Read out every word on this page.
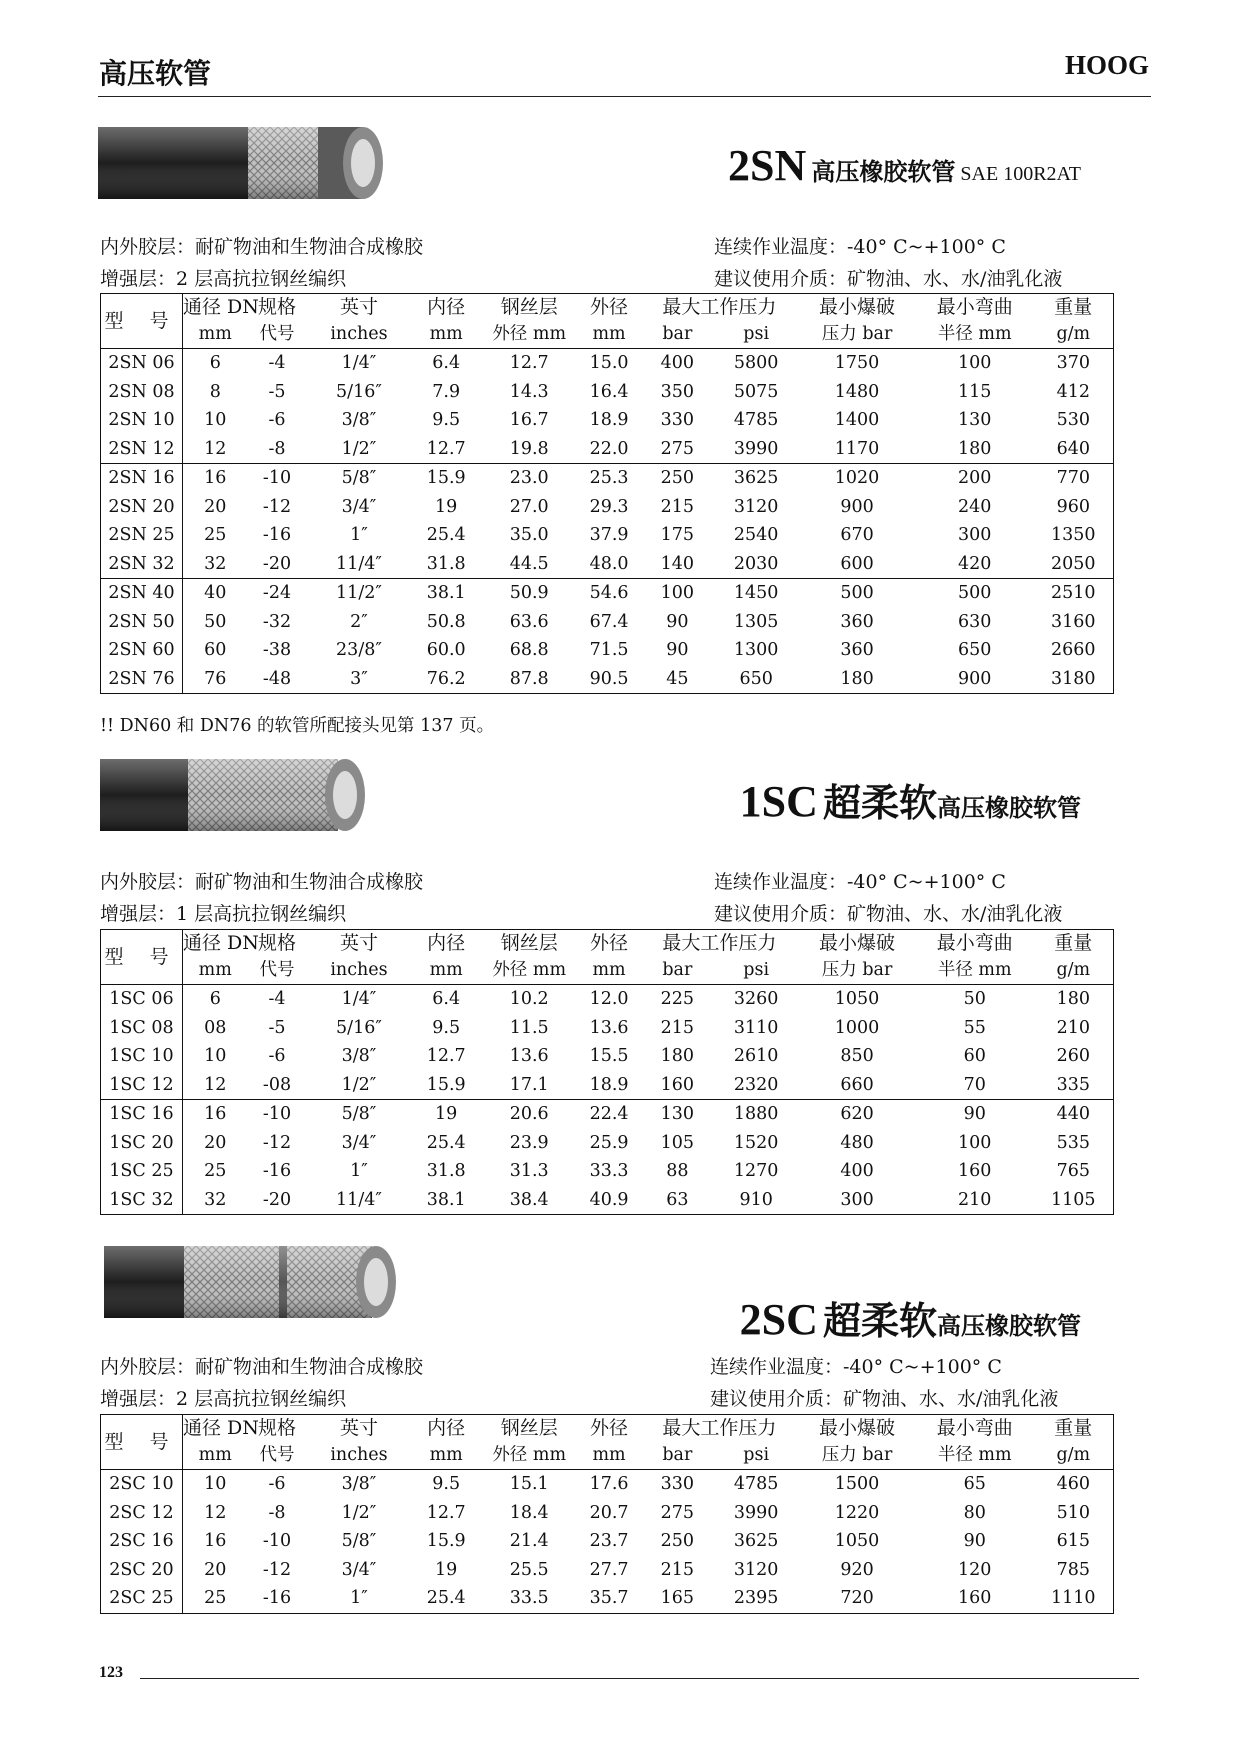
高压软管	HOOG
2SN 高压橡胶软管 SAE 100R2AT
内外胶层：耐矿物油和生物油合成橡胶
增强层：2 层高抗拉钢丝编织
连续作业温度：-40° C~+100° C
建议使用介质：矿物油、水、水/油乳化液
型 号	通径 DN	规格	英寸	内径	钢丝层	外径	最大工作压力		最小爆破	最小弯曲	重量
	mm	代号	inches	mm	外径 mm	mm	bar	psi	压力 bar	半径 mm	g/m
2SN 06	6	-4	1/4″	6.4	12.7	15.0	400	5800	1750	100	370
2SN 08	8	-5	5/16″	7.9	14.3	16.4	350	5075	1480	115	412
2SN 10	10	-6	3/8″	9.5	16.7	18.9	330	4785	1400	130	530
2SN 12	12	-8	1/2″	12.7	19.8	22.0	275	3990	1170	180	640
2SN 16	16	-10	5/8″	15.9	23.0	25.3	250	3625	1020	200	770
2SN 20	20	-12	3/4″	19	27.0	29.3	215	3120	900	240	960
2SN 25	25	-16	1″	25.4	35.0	37.9	175	2540	670	300	1350
2SN 32	32	-20	11/4″	31.8	44.5	48.0	140	2030	600	420	2050
2SN 40	40	-24	11/2″	38.1	50.9	54.6	100	1450	500	500	2510
2SN 50	50	-32	2″	50.8	63.6	67.4	90	1305	360	630	3160
2SN 60	60	-38	23/8″	60.0	68.8	71.5	90	1300	360	650	2660
2SN 76	76	-48	3″	76.2	87.8	90.5	45	650	180	900	3180
!! DN60 和 DN76 的软管所配接头见第 137 页。
1SC 超柔软高压橡胶软管
内外胶层：耐矿物油和生物油合成橡胶
增强层：1 层高抗拉钢丝编织
连续作业温度：-40° C~+100° C
建议使用介质：矿物油、水、水/油乳化液
型 号	通径 DN	规格	英寸	内径	钢丝层	外径	最大工作压力		最小爆破	最小弯曲	重量
	mm	代号	inches	mm	外径 mm	mm	bar	psi	压力 bar	半径 mm	g/m
1SC 06	6	-4	1/4″	6.4	10.2	12.0	225	3260	1050	50	180
1SC 08	08	-5	5/16″	9.5	11.5	13.6	215	3110	1000	55	210
1SC 10	10	-6	3/8″	12.7	13.6	15.5	180	2610	850	60	260
1SC 12	12	-08	1/2″	15.9	17.1	18.9	160	2320	660	70	335
1SC 16	16	-10	5/8″	19	20.6	22.4	130	1880	620	90	440
1SC 20	20	-12	3/4″	25.4	23.9	25.9	105	1520	480	100	535
1SC 25	25	-16	1″	31.8	31.3	33.3	88	1270	400	160	765
1SC 32	32	-20	11/4″	38.1	38.4	40.9	63	910	300	210	1105
2SC 超柔软高压橡胶软管
内外胶层：耐矿物油和生物油合成橡胶
增强层：2 层高抗拉钢丝编织
连续作业温度：-40° C~+100° C
建议使用介质：矿物油、水、水/油乳化液
型 号	通径 DN	规格	英寸	内径	钢丝层	外径	最大工作压力		最小爆破	最小弯曲	重量
	mm	代号	inches	mm	外径 mm	mm	bar	psi	压力 bar	半径 mm	g/m
2SC 10	10	-6	3/8″	9.5	15.1	17.6	330	4785	1500	65	460
2SC 12	12	-8	1/2″	12.7	18.4	20.7	275	3990	1220	80	510
2SC 16	16	-10	5/8″	15.9	21.4	23.7	250	3625	1050	90	615
2SC 20	20	-12	3/4″	19	25.5	27.7	215	3120	920	120	785
2SC 25	25	-16	1″	25.4	33.5	35.7	165	2395	720	160	1110
123
